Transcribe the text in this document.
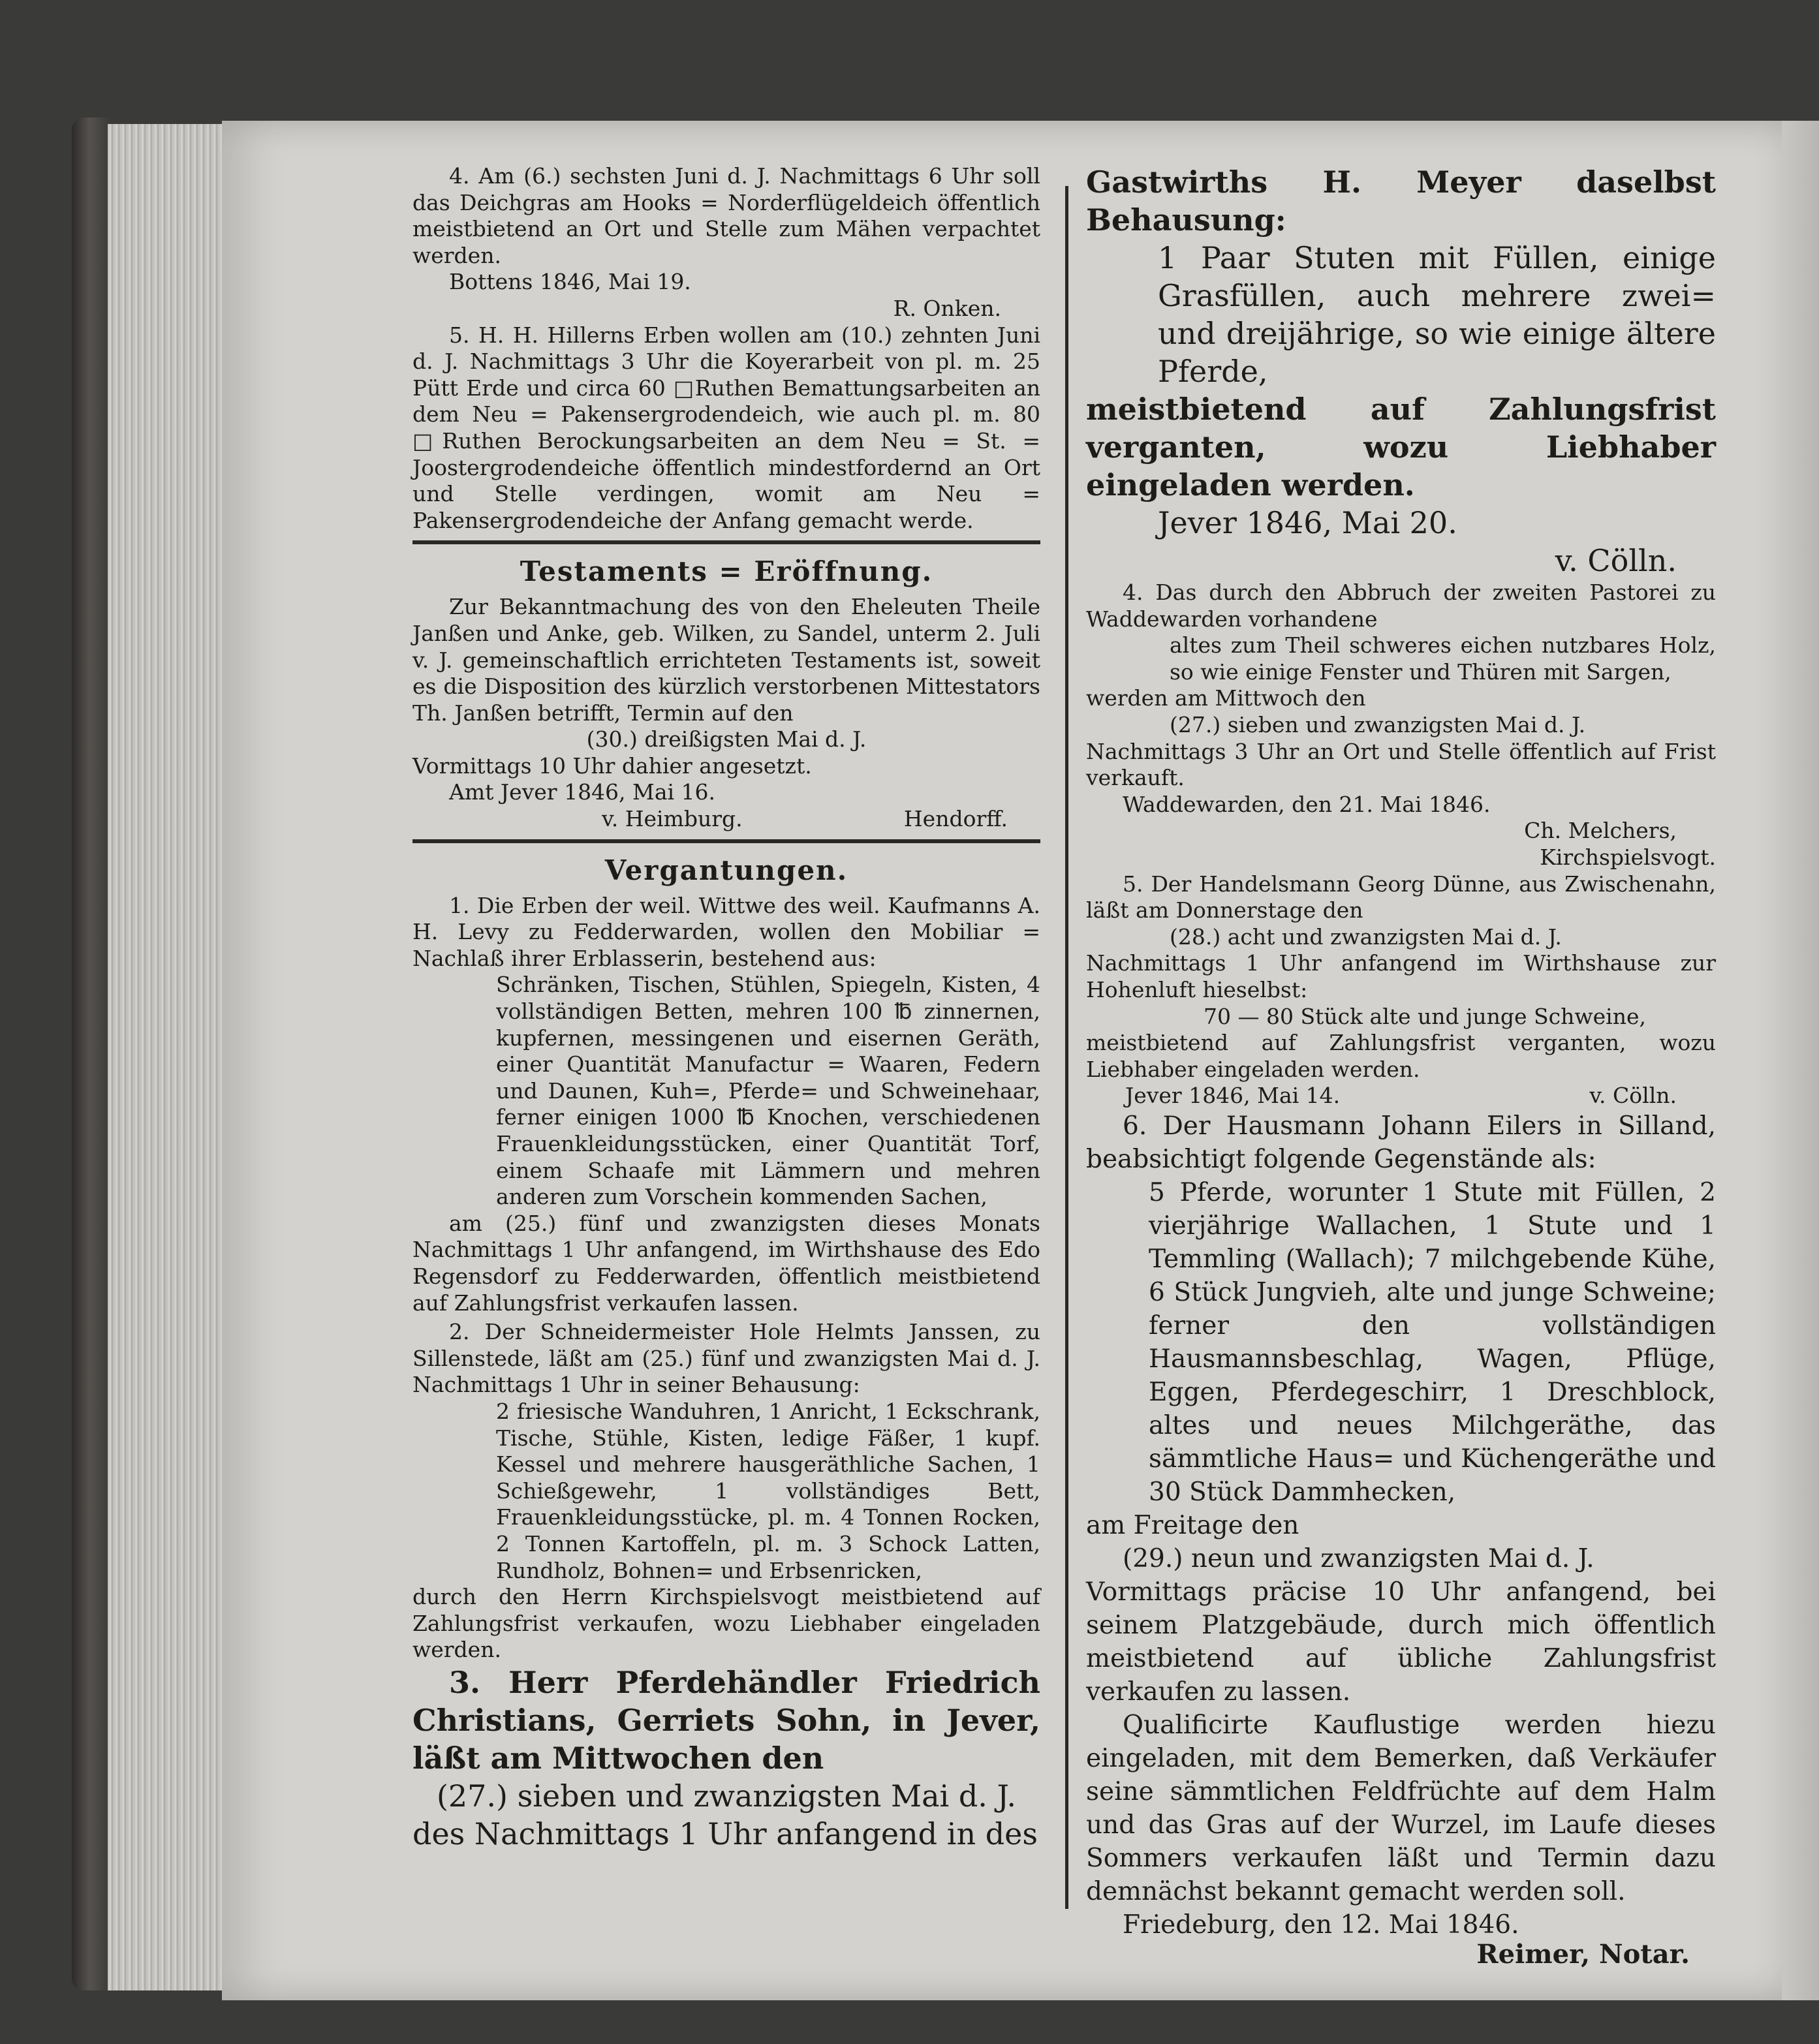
4. Am (6.) sechsten Juni d. J. Nachmittags 6 Uhr soll das Deichgras am Hooks = Norderflügeldeich öffentlich meistbietend an Ort und Stelle zum Mähen verpachtet werden.

Bottens 1846, Mai 19.

R. Onken.

5. H. H. Hillerns Erben wollen am (10.) zehnten Juni d. J. Nachmittags 3 Uhr die Koyerarbeit von pl. m. 25 Pütt Erde und circa 60 □Ruthen Bemattungsarbeiten an dem Neu = Pakensergrodendeich, wie auch pl. m. 80 □Ruthen Berockungsarbeiten an dem Neu = St. = Joostergrodendeiche öffentlich mindestfordernd an Ort und Stelle verdingen, womit am Neu = Pakensergrodendeiche der Anfang gemacht werde.

Testaments = Eröffnung.

Zur Bekanntmachung des von den Eheleuten Theile Janßen und Anke, geb. Wilken, zu Sandel, unterm 2. Juli v. J. gemeinschaftlich errichteten Testaments ist, soweit es die Disposition des kürzlich verstorbenen Mittestators Th. Janßen betrifft, Termin auf den

(30.) dreißigsten Mai d. J.

Vormittags 10 Uhr dahier angesetzt.

Amt Jever 1846, Mai 16.

v. Heimburg.	Hendorff.
Vergantungen.

1. Die Erben der weil. Wittwe des weil. Kaufmanns A. H. Levy zu Fedderwarden, wollen den Mobiliar = Nachlaß ihrer Erblasserin, bestehend aus:

Schränken, Tischen, Stühlen, Spiegeln, Kisten, 4 vollständigen Betten, mehren 100 ℔ zinnernen, kupfernen, messingenen und eisernen Geräth, einer Quantität Manufactur = Waaren, Federn und Daunen, Kuh=, Pferde= und Schweinehaar, ferner einigen 1000 ℔ Knochen, verschiedenen Frauenkleidungsstücken, einer Quantität Torf, einem Schaafe mit Lämmern und mehren anderen zum Vorschein kommenden Sachen,

am (25.) fünf und zwanzigsten dieses Monats Nachmittags 1 Uhr anfangend, im Wirthshause des Edo Regensdorf zu Fedderwarden, öffentlich meistbietend auf Zahlungsfrist verkaufen lassen.

2. Der Schneidermeister Hole Helmts Janssen, zu Sillenstede, läßt am (25.) fünf und zwanzigsten Mai d. J. Nachmittags 1 Uhr in seiner Behausung:

2 friesische Wanduhren, 1 Anricht, 1 Eckschrank, Tische, Stühle, Kisten, ledige Fäßer, 1 kupf. Kessel und mehrere hausgeräthliche Sachen, 1 Schießgewehr, 1 vollständiges Bett, Frauenkleidungsstücke, pl. m. 4 Tonnen Rocken, 2 Tonnen Kartoffeln, pl. m. 3 Schock Latten, Rundholz, Bohnen= und Erbsenricken,

durch den Herrn Kirchspielsvogt meistbietend auf Zahlungsfrist verkaufen, wozu Liebhaber eingeladen werden.

3. Herr Pferdehändler Friedrich Christians, Gerriets Sohn, in Jever, läßt am Mittwochen den

(27.) sieben und zwanzigsten Mai d. J.

des Nachmittags 1 Uhr anfangend in des

Gastwirths H. Meyer daselbst Behausung:

1 Paar Stuten mit Füllen, einige Grasfüllen, auch mehrere zwei= und dreijährige, so wie einige ältere Pferde,

meistbietend auf Zahlungsfrist verganten, wozu Liebhaber eingeladen werden.

Jever 1846, Mai 20.

v. Cölln.

4. Das durch den Abbruch der zweiten Pastorei zu Waddewarden vorhandene

altes zum Theil schweres eichen nutzbares Holz, so wie einige Fenster und Thüren mit Sargen,

werden am Mittwoch den

(27.) sieben und zwanzigsten Mai d. J.

Nachmittags 3 Uhr an Ort und Stelle öffentlich auf Frist verkauft.

Waddewarden, den 21. Mai 1846.

Ch. Melchers,

Kirchspielsvogt.

5. Der Handelsmann Georg Dünne, aus Zwischenahn, läßt am Donnerstage den

(28.) acht und zwanzigsten Mai d. J.

Nachmittags 1 Uhr anfangend im Wirthshause zur Hohenluft hieselbst:

70 — 80 Stück alte und junge Schweine,

meistbietend auf Zahlungsfrist verganten, wozu Liebhaber eingeladen werden.

Jever 1846, Mai 14.	v. Cölln.

6. Der Hausmann Johann Eilers in Silland, beabsichtigt folgende Gegenstände als:

5 Pferde, worunter 1 Stute mit Füllen, 2 vierjährige Wallachen, 1 Stute und 1 Temmling (Wallach); 7 milchgebende Kühe, 6 Stück Jungvieh, alte und junge Schweine; ferner den vollständigen Hausmannsbeschlag, Wagen, Pflüge, Eggen, Pferdegeschirr, 1 Dreschblock, altes und neues Milchgeräthe, das sämmtliche Haus= und Küchengeräthe und 30 Stück Dammhecken,

am Freitage den

(29.) neun und zwanzigsten Mai d. J.

Vormittags präcise 10 Uhr anfangend, bei seinem Platzgebäude, durch mich öffentlich meistbietend auf übliche Zahlungsfrist verkaufen zu lassen.

Qualificirte Kauflustige werden hiezu eingeladen, mit dem Bemerken, daß Verkäufer seine sämmtlichen Feldfrüchte auf dem Halm und das Gras auf der Wurzel, im Laufe dieses Sommers verkaufen läßt und Termin dazu demnächst bekannt gemacht werden soll.

Friedeburg, den 12. Mai 1846.

Reimer, Notar.
